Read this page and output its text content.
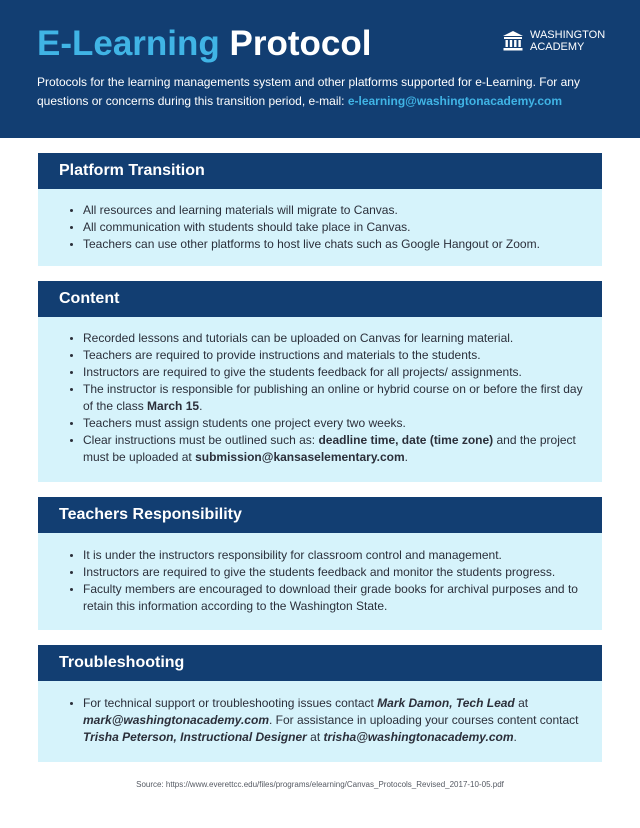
E-Learning Protocol	WASHINGTON
ACADEMY
Protocols for the learning managements system and other platforms supported for e-Learning. For any questions or concerns during this transition period, e-mail: e-learning@washingtonacademy.com
Platform Transition
• All resources and learning materials will migrate to Canvas.
• All communication with students should take place in Canvas.
• Teachers can use other platforms to host live chats such as Google Hangout or Zoom.
Content
• Recorded lessons and tutorials can be uploaded on Canvas for learning material.
• Teachers are required to provide instructions and materials to the students.
• Instructors are required to give the students feedback for all projects/ assignments.
• The instructor is responsible for publishing an online or hybrid course on or before the first day of the class March 15.
• Teachers must assign students one project every two weeks.
• Clear instructions must be outlined such as: deadline time, date (time zone) and the project must be uploaded at submission@kansaselementary.com.
Teachers Responsibility
• It is under the instructors responsibility for classroom control and management.
• Instructors are required to give the students feedback and monitor the students progress.
• Faculty members are encouraged to download their grade books for archival purposes and to retain this information according to the Washington State.
Troubleshooting
• For technical support or troubleshooting issues contact Mark Damon, Tech Lead at mark@washingtonacademy.com. For assistance in uploading your courses content contact Trisha Peterson, Instructional Designer at trisha@washingtonacademy.com.
Source: https://www.everettcc.edu/files/programs/elearning/Canvas_Protocols_Revised_2017-10-05.pdf
